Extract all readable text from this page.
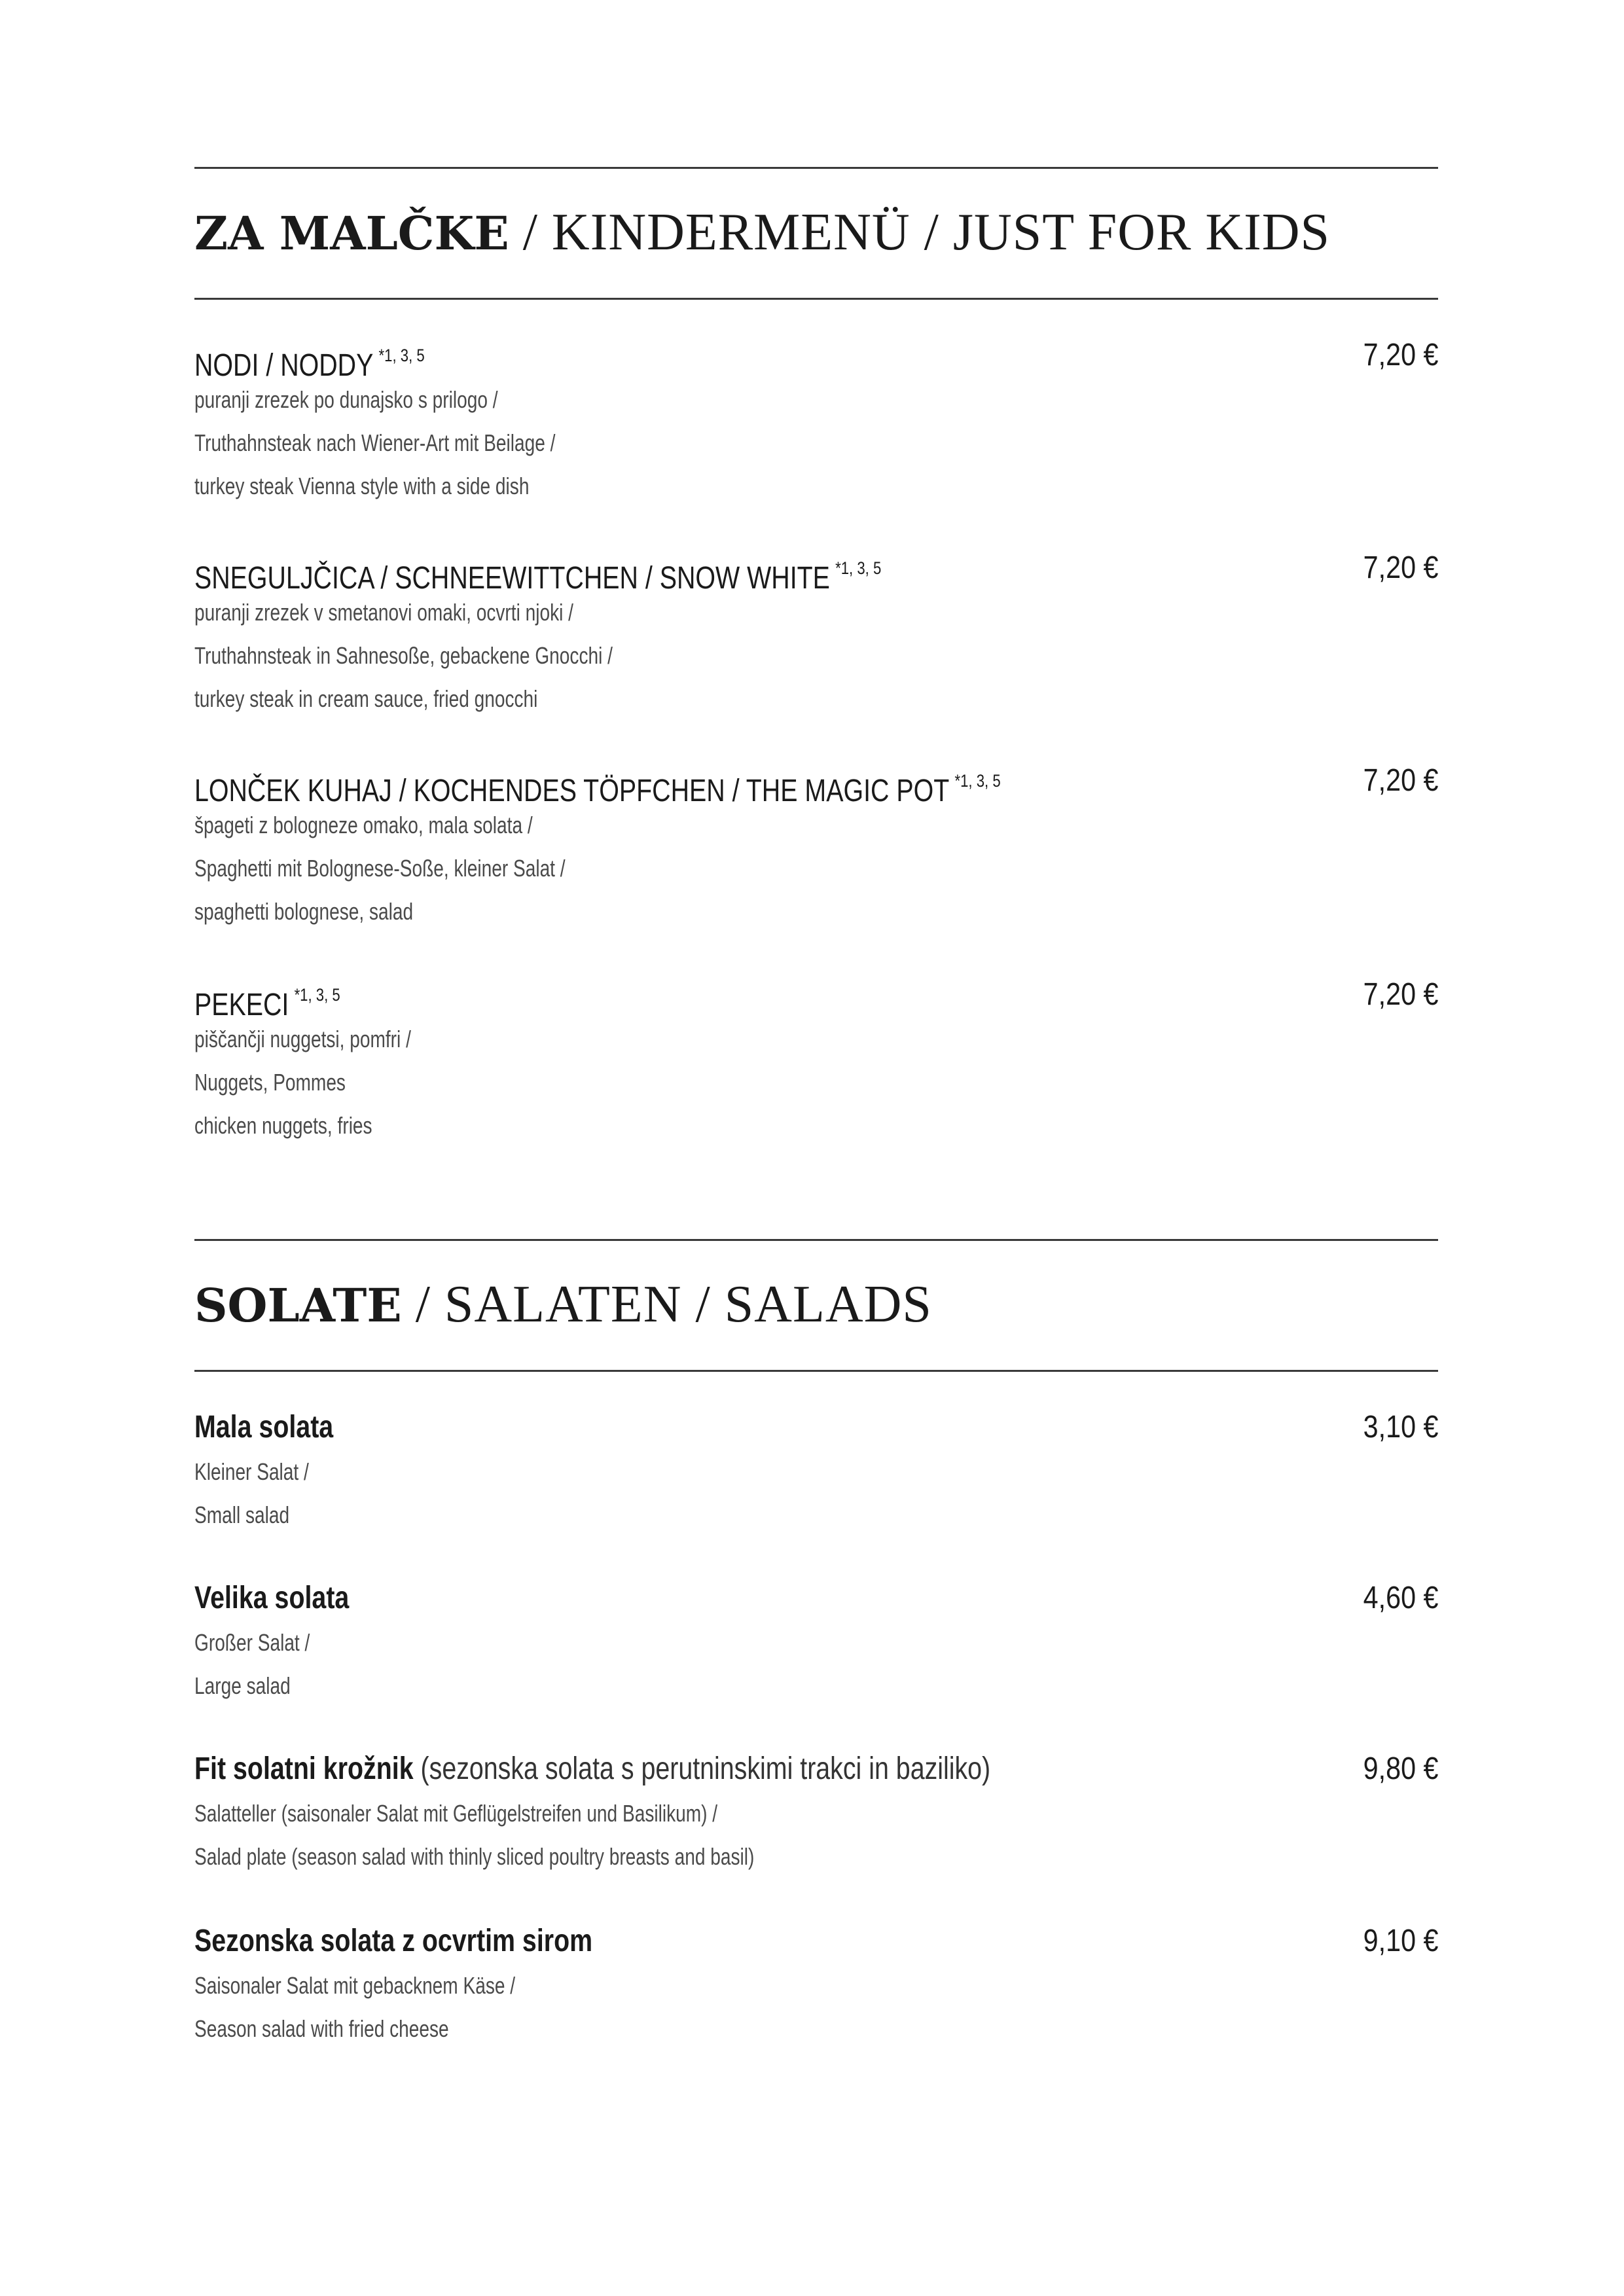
ZA MALČKE / KINDERMENÜ / JUST FOR KIDS
NODI / NODDY $^{*1, 3, 5}$	7,20 €
puranji zrezek po dunajsko s prilogo /
Truthahnsteak nach Wiener-Art mit Beilage /
turkey steak Vienna style with a side dish
SNEGULJČICA / SCHNEEWITTCHEN / SNOW WHITE $^{*1, 3, 5}$	7,20 €
puranji zrezek v smetanovi omaki, ocvrti njoki /
Truthahnsteak in Sahnesoße, gebackene Gnocchi /
turkey steak in cream sauce, fried gnocchi
LONČEK KUHAJ / KOCHENDES TÖPFCHEN / THE MAGIC POT $^{*1, 3, 5}$	7,20 €
špageti z bologneze omako, mala solata /
Spaghetti mit Bolognese-Soße, kleiner Salat /
spaghetti bolognese, salad
PEKECI $^{*1, 3, 5}$	7,20 €
piščančji nuggetsi, pomfri /
Nuggets, Pommes
chicken nuggets, fries
SOLATE / SALATEN / SALADS
Mala solata	3,10 €
Kleiner Salat /
Small salad
Velika solata	4,60 €
Großer Salat /
Large salad
Fit solatni krožnik (sezonska solata s perutninskimi trakci in baziliko)	9,80 €
Salatteller (saisonaler Salat mit Geflügelstreifen und Basilikum) /
Salad plate (season salad with thinly sliced poultry breasts and basil)
Sezonska solata z ocvrtim sirom	9,10 €
Saisonaler Salat mit gebacknem Käse /
Season salad with fried cheese
